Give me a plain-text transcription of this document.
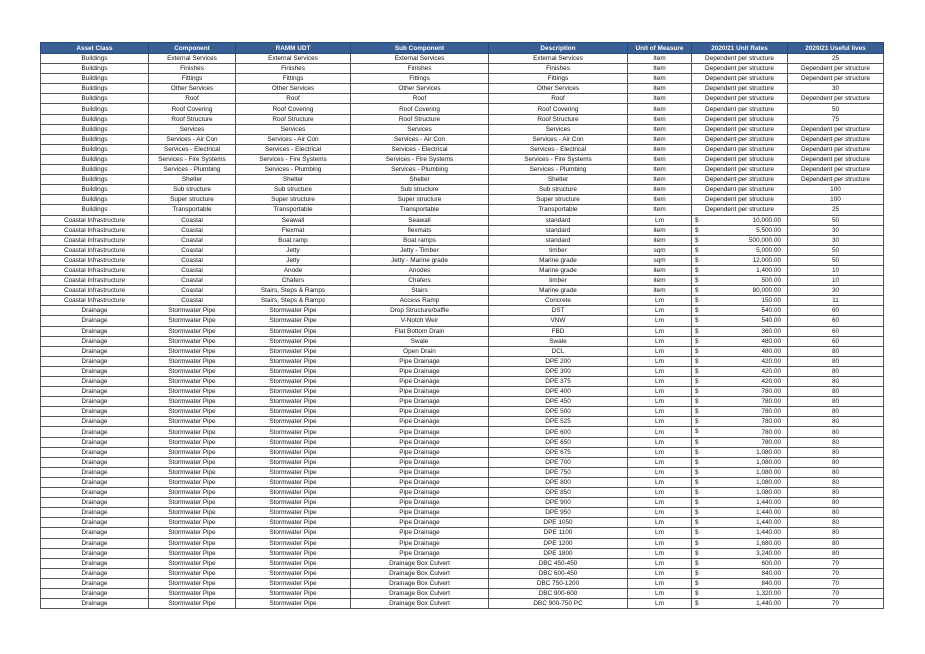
Asset Class	Component	RAMM UDT	Sub Component	Description	Unit of Measure	2020/21 Unit Rates	2020/21 Useful lives
Buildings	External Services	External Services	External Services	External Services	Item	Dependent per structure	25
Buildings	Finishes	Finishes	Finishes	Finishes	Item	Dependent per structure	Dependent per structure
Buildings	Fittings	Fittings	Fittings	Fittings	Item	Dependent per structure	Dependent per structure
Buildings	Other Services	Other Services	Other Services	Other Services	Item	Dependent per structure	30
Buildings	Roof	Roof	Roof	Roof	Item	Dependent per structure	Dependent per structure
Buildings	Roof Covering	Roof Covering	Roof Covering	Roof Covering	Item	Dependent per structure	50
Buildings	Roof Structure	Roof Structure	Roof Structure	Roof Structure	Item	Dependent per structure	75
Buildings	Services	Services	Services	Services	Item	Dependent per structure	Dependent per structure
Buildings	Services - Air Con	Services - Air Con	Services - Air Con	Services - Air Con	Item	Dependent per structure	Dependent per structure
Buildings	Services - Electrical	Services - Electrical	Services - Electrical	Services - Electrical	Item	Dependent per structure	Dependent per structure
Buildings	Services - Fire Systems	Services - Fire Systems	Services - Fire Systems	Services - Fire Systems	Item	Dependent per structure	Dependent per structure
Buildings	Services - Plumbing	Services - Plumbing	Services - Plumbing	Services - Plumbing	Item	Dependent per structure	Dependent per structure
Buildings	Shelter	Shelter	Shelter	Shelter	Item	Dependent per structure	Dependent per structure
Buildings	Sub structure	Sub structure	Sub structure	Sub structure	Item	Dependent per structure	100
Buildings	Super structure	Super structure	Super structure	Super structure	Item	Dependent per structure	100
Buildings	Transportable	Transportable	Transportable	Transportable	Item	Dependent per structure	25
Coastal Infrastructure	Coastal	Seawall	Seawall	standard	Lm	$ 10,000.00	50
Coastal Infrastructure	Coastal	Flexmat	flexmats	standard	item	$ 5,500.00	30
Coastal Infrastructure	Coastal	Boat ramp	Boat ramps	standard	item	$ 500,000.00	30
Coastal Infrastructure	Coastal	Jetty	Jetty - Timber	timber	sqm	$ 5,000.00	50
Coastal Infrastructure	Coastal	Jetty	Jetty - Marine grade	Marine grade	sqm	$ 12,000.00	50
Coastal Infrastructure	Coastal	Anode	Anodes	Marine grade	item	$ 1,400.00	10
Coastal Infrastructure	Coastal	Chafers	Chafers	timber	item	$ 500.00	10
Coastal Infrastructure	Coastal	Stairs, Steps & Ramps	Stairs	Marine grade	item	$ 80,000.00	30
Coastal Infrastructure	Coastal	Stairs, Steps & Ramps	Access Ramp	Concrete	Lm	$ 150.00	11
Drainage	Stormwater Pipe	Stormwater Pipe	Drop Structure/baffle	DST	Lm	$ 540.00	60
Drainage	Stormwater Pipe	Stormwater Pipe	V-Notch Weir	VNW	Lm	$ 540.00	60
Drainage	Stormwater Pipe	Stormwater Pipe	Flat Bottom Drain	FBD	Lm	$ 360.00	60
Drainage	Stormwater Pipe	Stormwater Pipe	Swale	Swale	Lm	$ 480.00	60
Drainage	Stormwater Pipe	Stormwater Pipe	Open Drain	DCL	Lm	$ 480.00	80
Drainage	Stormwater Pipe	Stormwater Pipe	Pipe Drainage	DPE 200	Lm	$ 420.00	80
Drainage	Stormwater Pipe	Stormwater Pipe	Pipe Drainage	DPE 300	Lm	$ 420.00	80
Drainage	Stormwater Pipe	Stormwater Pipe	Pipe Drainage	DPE 375	Lm	$ 420.00	80
Drainage	Stormwater Pipe	Stormwater Pipe	Pipe Drainage	DPE 400	Lm	$ 780.00	80
Drainage	Stormwater Pipe	Stormwater Pipe	Pipe Drainage	DPE 450	Lm	$ 780.00	80
Drainage	Stormwater Pipe	Stormwater Pipe	Pipe Drainage	DPE 500	Lm	$ 780.00	80
Drainage	Stormwater Pipe	Stormwater Pipe	Pipe Drainage	DPE 525	Lm	$ 780.00	80
Drainage	Stormwater Pipe	Stormwater Pipe	Pipe Drainage	DPE 600	Lm	$ 780.00	80
Drainage	Stormwater Pipe	Stormwater Pipe	Pipe Drainage	DPE 650	Lm	$ 780.00	80
Drainage	Stormwater Pipe	Stormwater Pipe	Pipe Drainage	DPE 675	Lm	$ 1,080.00	80
Drainage	Stormwater Pipe	Stormwater Pipe	Pipe Drainage	DPE 700	Lm	$ 1,080.00	80
Drainage	Stormwater Pipe	Stormwater Pipe	Pipe Drainage	DPE 750	Lm	$ 1,080.00	80
Drainage	Stormwater Pipe	Stormwater Pipe	Pipe Drainage	DPE 800	Lm	$ 1,080.00	80
Drainage	Stormwater Pipe	Stormwater Pipe	Pipe Drainage	DPE 850	Lm	$ 1,080.00	80
Drainage	Stormwater Pipe	Stormwater Pipe	Pipe Drainage	DPE 900	Lm	$ 1,440.00	80
Drainage	Stormwater Pipe	Stormwater Pipe	Pipe Drainage	DPE 950	Lm	$ 1,440.00	80
Drainage	Stormwater Pipe	Stormwater Pipe	Pipe Drainage	DPE 1050	Lm	$ 1,440.00	80
Drainage	Stormwater Pipe	Stormwater Pipe	Pipe Drainage	DPE 1100	Lm	$ 1,440.00	80
Drainage	Stormwater Pipe	Stormwater Pipe	Pipe Drainage	DPE 1200	Lm	$ 1,680.00	80
Drainage	Stormwater Pipe	Stormwater Pipe	Pipe Drainage	DPE 1800	Lm	$ 3,240.00	80
Drainage	Stormwater Pipe	Stormwater Pipe	Drainage Box Culvert	DBC 450-450	Lm	$ 600.00	70
Drainage	Stormwater Pipe	Stormwater Pipe	Drainage Box Culvert	DBC 600-450	Lm	$ 840.00	70
Drainage	Stormwater Pipe	Stormwater Pipe	Drainage Box Culvert	DBC 750-1200	Lm	$ 840.00	70
Drainage	Stormwater Pipe	Stormwater Pipe	Drainage Box Culvert	DBC 900-600	Lm	$ 1,320.00	70
Drainage	Stormwater Pipe	Stormwater Pipe	Drainage Box Culvert	DBC 900-750 PC	Lm	$ 1,440.00	70
